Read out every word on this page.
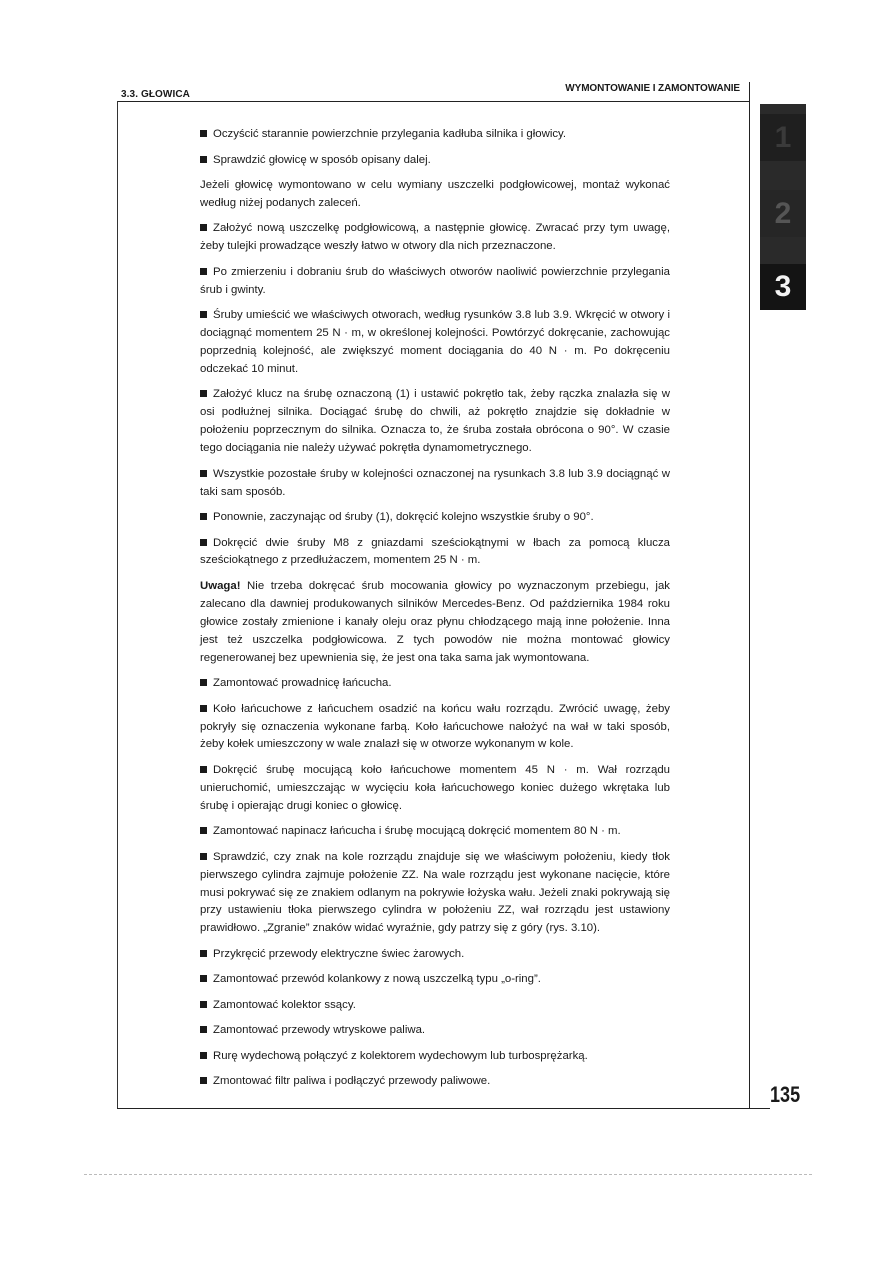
3.3. GŁOWICA
WYMONTOWANIE I ZAMONTOWANIE
1
2
3

Oczyścić starannie powierzchnie przylegania kadłuba silnika i głowicy.

Sprawdzić głowicę w sposób opisany dalej.

Jeżeli głowicę wymontowano w celu wymiany uszczelki podgłowicowej, montaż wykonać według niżej podanych zaleceń.

Założyć nową uszczelkę podgłowicową, a następnie głowicę. Zwracać przy tym uwagę, żeby tulejki prowadzące weszły łatwo w otwory dla nich przeznaczone.

Po zmierzeniu i dobraniu śrub do właściwych otworów naoliwić powierzchnie przylegania śrub i gwinty.

Śruby umieścić we właściwych otworach, według rysunków 3.8 lub 3.9. Wkręcić w otwory i dociągnąć momentem 25 N · m, w określonej kolejności. Powtórzyć dokręcanie, zachowując poprzednią kolejność, ale zwiększyć moment dociągania do 40 N · m. Po dokręceniu odczekać 10 minut.

Założyć klucz na śrubę oznaczoną (1) i ustawić pokrętło tak, żeby rączka znalazła się w osi podłużnej silnika. Dociągać śrubę do chwili, aż pokrętło znajdzie się dokładnie w położeniu poprzecznym do silnika. Oznacza to, że śruba została obrócona o 90°. W czasie tego dociągania nie należy używać pokrętła dynamometrycznego.

Wszystkie pozostałe śruby w kolejności oznaczonej na rysunkach 3.8 lub 3.9 dociągnąć w taki sam sposób.

Ponownie, zaczynając od śruby (1), dokręcić kolejno wszystkie śruby o 90°.

Dokręcić dwie śruby M8 z gniazdami sześciokątnymi w łbach za pomocą klucza sześciokątnego z przedłużaczem, momentem 25 N · m.

Uwaga! Nie trzeba dokręcać śrub mocowania głowicy po wyznaczonym przebiegu, jak zalecano dla dawniej produkowanych silników Mercedes-Benz. Od października 1984 roku głowice zostały zmienione i kanały oleju oraz płynu chłodzącego mają inne położenie. Inna jest też uszczelka podgłowicowa. Z tych powodów nie można montować głowicy regenerowanej bez upewnienia się, że jest ona taka sama jak wymontowana.

Zamontować prowadnicę łańcucha.

Koło łańcuchowe z łańcuchem osadzić na końcu wału rozrządu. Zwrócić uwagę, żeby pokryły się oznaczenia wykonane farbą. Koło łańcuchowe nałożyć na wał w taki sposób, żeby kołek umieszczony w wale znalazł się w otworze wykonanym w kole.

Dokręcić śrubę mocującą koło łańcuchowe momentem 45 N · m. Wał rozrządu unieruchomić, umieszczając w wycięciu koła łańcuchowego koniec dużego wkrętaka lub śrubę i opierając drugi koniec o głowicę.

Zamontować napinacz łańcucha i śrubę mocującą dokręcić momentem 80 N · m.

Sprawdzić, czy znak na kole rozrządu znajduje się we właściwym położeniu, kiedy tłok pierwszego cylindra zajmuje położenie ZZ. Na wale rozrządu jest wykonane nacięcie, które musi pokrywać się ze znakiem odlanym na pokrywie łożyska wału. Jeżeli znaki pokrywają się przy ustawieniu tłoka pierwszego cylindra w położeniu ZZ, wał rozrządu jest ustawiony prawidłowo. „Zgranie” znaków widać wyraźnie, gdy patrzy się z góry (rys. 3.10).

Przykręcić przewody elektryczne świec żarowych.

Zamontować przewód kolankowy z nową uszczelką typu „o-ring”.

Zamontować kolektor ssący.

Zamontować przewody wtryskowe paliwa.

Rurę wydechową połączyć z kolektorem wydechowym lub turbosprężarką.

Zmontować filtr paliwa i podłączyć przewody paliwowe.

135
